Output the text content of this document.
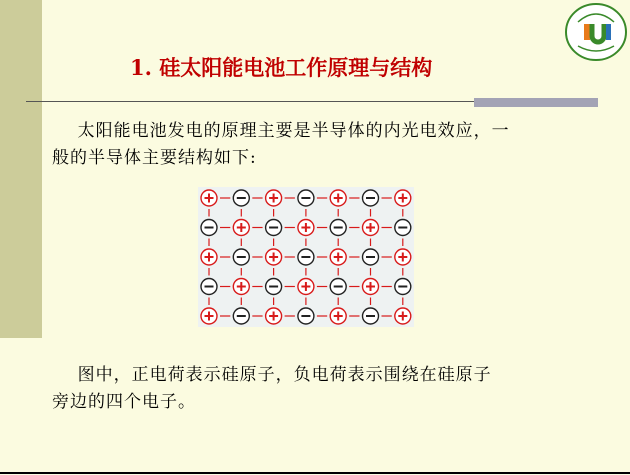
1. 硅太阳能电池工作原理与结构
太阳能电池发电的原理主要是半导体的内光电效应，一
般的半导体主要结构如下:
图中，正电荷表示硅原子，负电荷表示围绕在硅原子
旁边的四个电子。
